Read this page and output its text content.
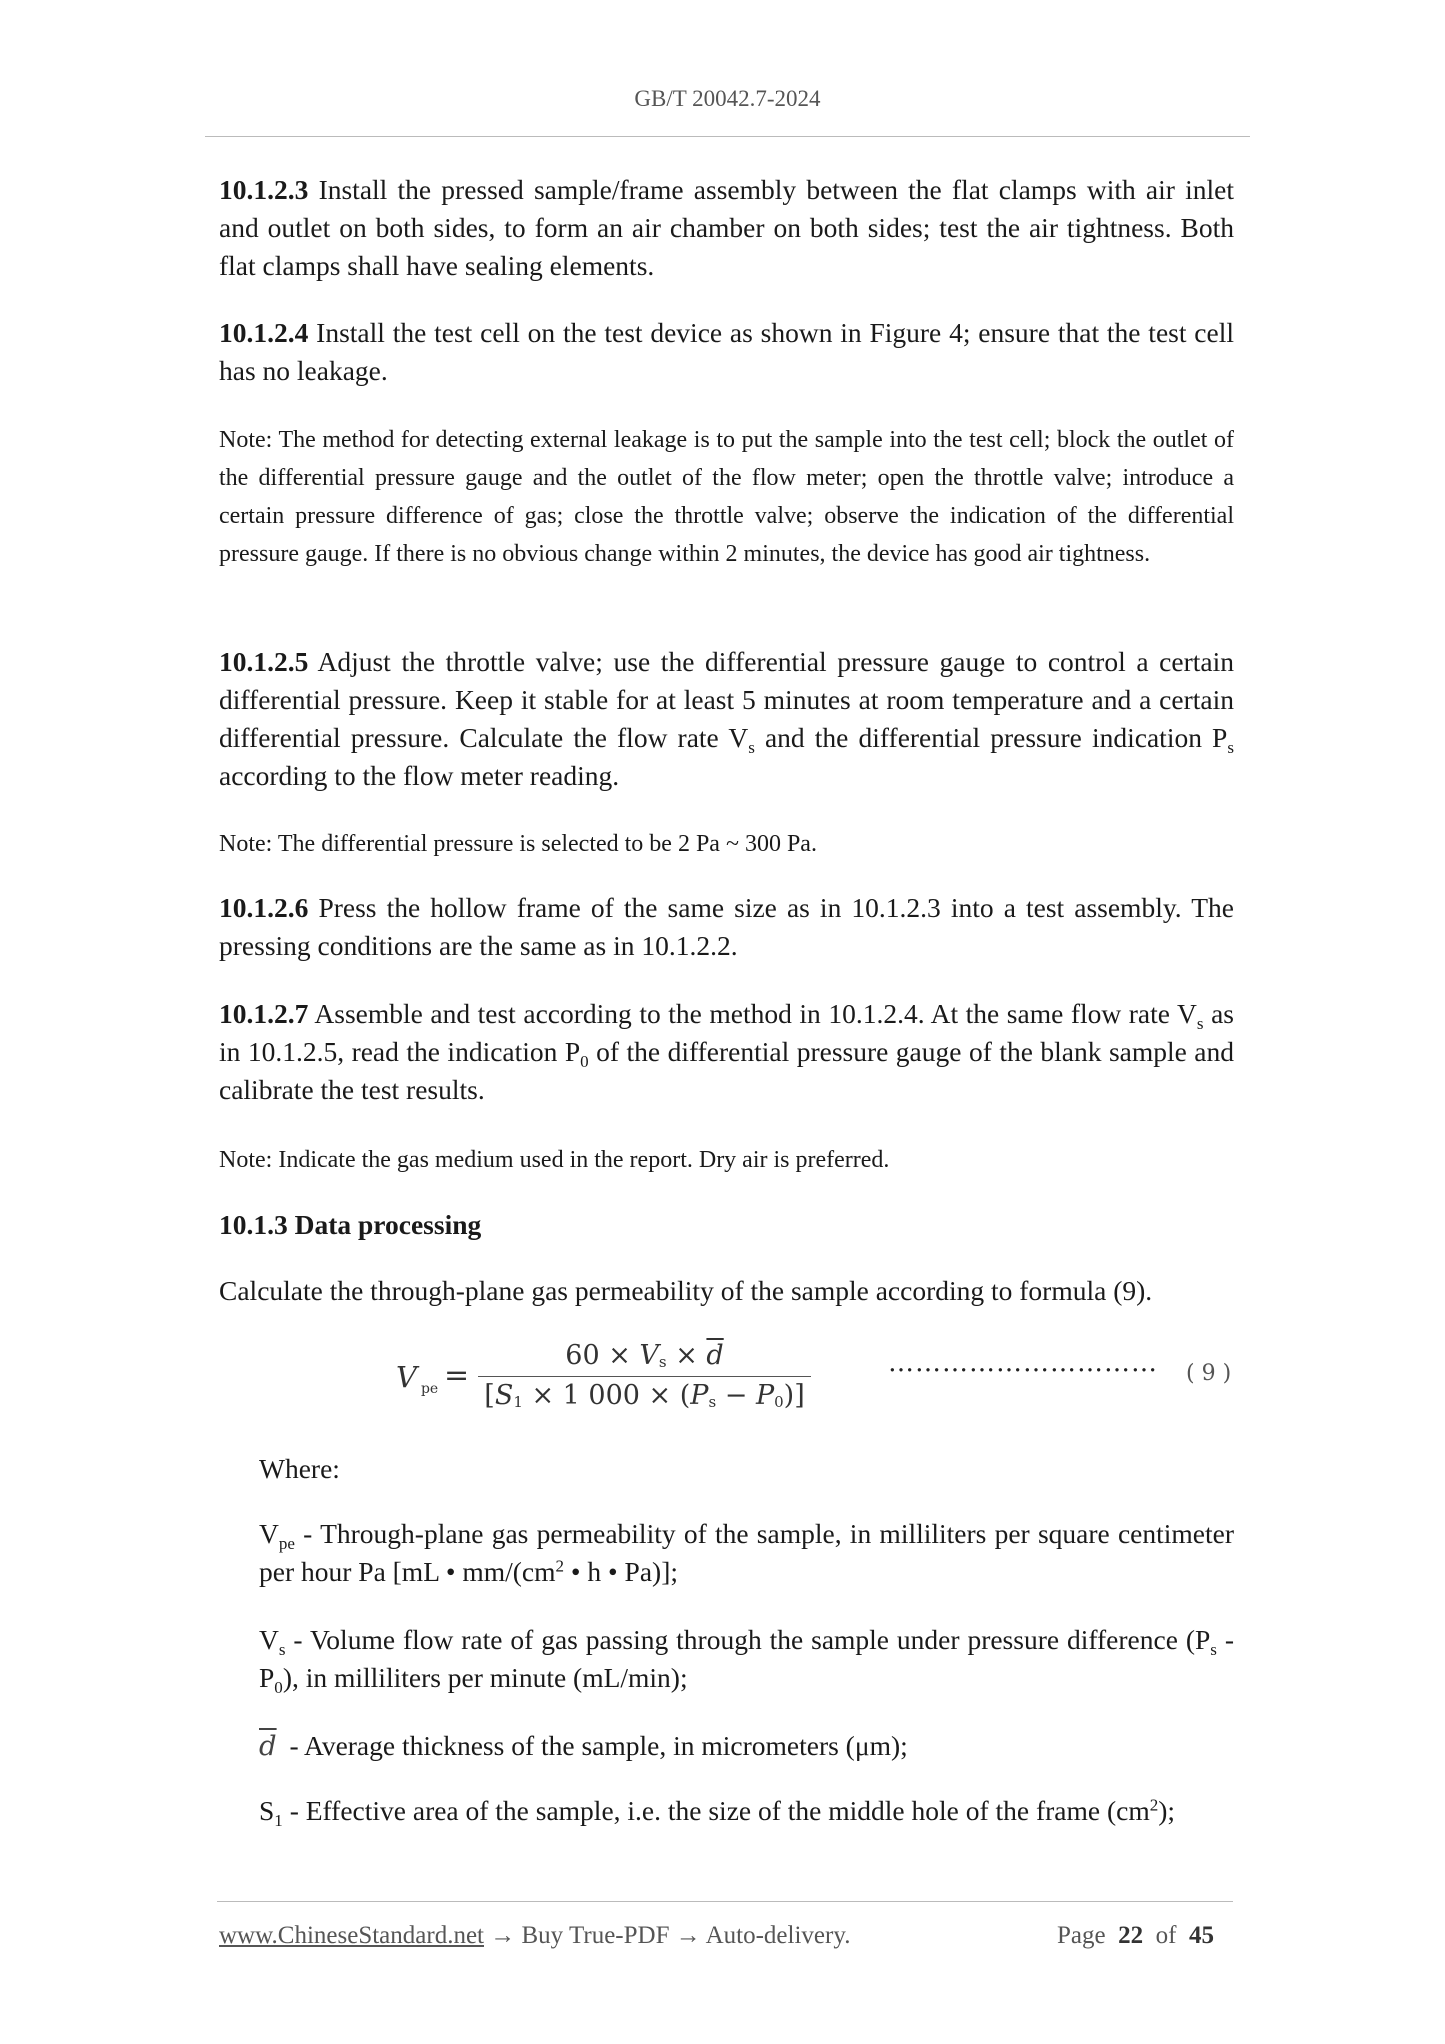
GB/T 20042.7-2024

10.1.2.3 Install the pressed sample/frame assembly between the flat clamps with air inlet and outlet on both sides, to form an air chamber on both sides; test the air tightness. Both flat clamps shall have sealing elements.

10.1.2.4 Install the test cell on the test device as shown in Figure 4; ensure that the test cell has no leakage.

Note: The method for detecting external leakage is to put the sample into the test cell; block the outlet of the differential pressure gauge and the outlet of the flow meter; open the throttle valve; introduce a certain pressure difference of gas; close the throttle valve; observe the indication of the differential pressure gauge. If there is no obvious change within 2 minutes, the device has good air tightness.

10.1.2.5 Adjust the throttle valve; use the differential pressure gauge to control a certain differential pressure. Keep it stable for at least 5 minutes at room temperature and a certain differential pressure. Calculate the flow rate $V_s$ and the differential pressure indication $P_s$ according to the flow meter reading.

Note: The differential pressure is selected to be 2 Pa ~ 300 Pa.

10.1.2.6 Press the hollow frame of the same size as in 10.1.2.3 into a test assembly. The pressing conditions are the same as in 10.1.2.2.

10.1.2.7 Assemble and test according to the method in 10.1.2.4. At the same flow rate $V_s$ as in 10.1.2.5, read the indication $P_0$ of the differential pressure gauge of the blank sample and calibrate the test results.

Note: Indicate the gas medium used in the report. Dry air is preferred.

10.1.3 Data processing

Calculate the through-plane gas permeability of the sample according to formula (9).

V $_{pe}$ =
$60 \times Vs \times \overline{d}$
[S1 × 1 000 × (Ps − P0)]
………………………… ( 9 )

Where:

$V_{pe}$ - Through-plane gas permeability of the sample, in milliliters per square centimeter per hour Pa [mL • $mm/(cm^2$ • h • Pa)];

$V_s$ - Volume flow rate of gas passing through the sample under pressure difference $(P_s - P_0)$, in milliliters per minute (mL/min);

$\overline{d}$ - Average thickness of the sample, in micrometers (μm);

$S_1$ - Effective area of the sample, i.e. the size of the middle hole of the frame $(cm^2)$;

www.ChineseStandard.net → Buy True-PDF → Auto-delivery.	Page 22 of 45
